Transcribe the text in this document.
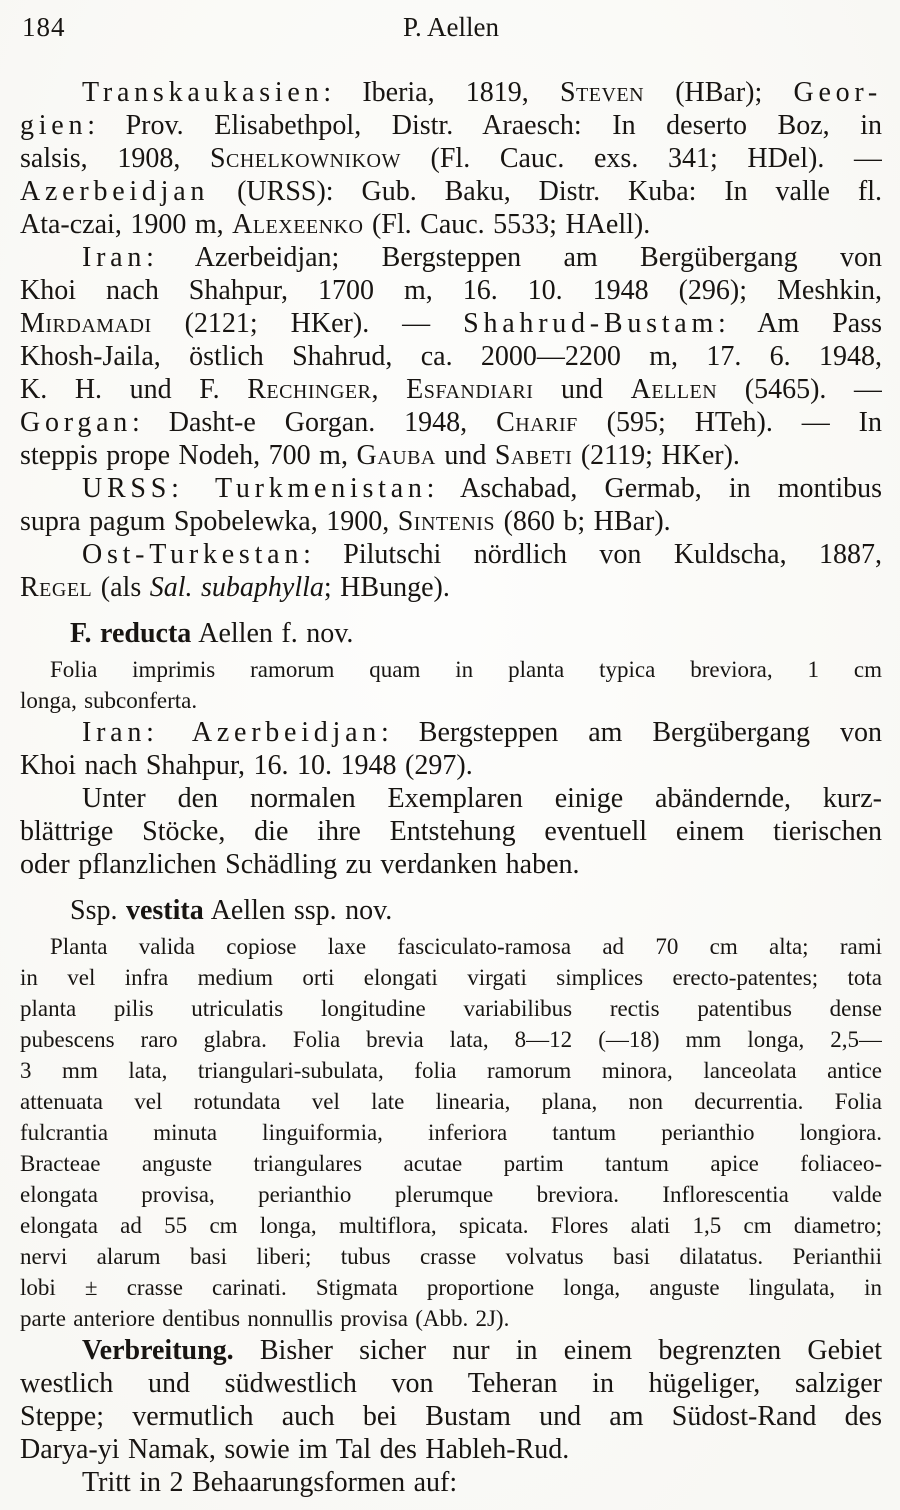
184	P. Aellen
Transkaukasien: Iberia, 1819, Steven (HBar); Geor-
gien: Prov. Elisabethpol, Distr. Araesch: In deserto Boz, in
salsis, 1908, Schelkownikow (Fl. Cauc. exs. 341; HDel). —
Azerbeidjan (URSS): Gub. Baku, Distr. Kuba: In valle fl.
Ata-czai, 1900 m, Alexeenko (Fl. Cauc. 5533; HAell).
Iran: Azerbeidjan; Bergsteppen am Bergübergang von
Khoi nach Shahpur, 1700 m, 16. 10. 1948 (296); Meshkin,
Mirdamadi (2121; HKer). — Shahrud-Bustam: Am Pass
Khosh-Jaila, östlich Shahrud, ca. 2000—2200 m, 17. 6. 1948,
K. H. und F. Rechinger, Esfandiari und Aellen (5465). —
Gorgan: Dasht-e Gorgan. 1948, Charif (595; HTeh). — In
steppis prope Nodeh, 700 m, Gauba und Sabeti (2119; HKer).
URSS: Turkmenistan: Aschabad, Germab, in montibus
supra pagum Spobelewka, 1900, Sintenis (860 b; HBar).
Ost-Turkestan: Pilutschi nördlich von Kuldscha, 1887,
Regel (als Sal. subaphylla; HBunge).
F. reducta Aellen f. nov.
Folia imprimis ramorum quam in planta typica breviora, 1 cm
longa, subconferta.
Iran: Azerbeidjan: Bergsteppen am Bergübergang von
Khoi nach Shahpur, 16. 10. 1948 (297).
Unter den normalen Exemplaren einige abändernde, kurz-
blättrige Stöcke, die ihre Entstehung eventuell einem tierischen
oder pflanzlichen Schädling zu verdanken haben.
Ssp. vestita Aellen ssp. nov.
Planta valida copiose laxe fasciculato-ramosa ad 70 cm alta; rami
in vel infra medium orti elongati virgati simplices erecto-patentes; tota
planta pilis utriculatis longitudine variabilibus rectis patentibus dense
pubescens raro glabra. Folia brevia lata, 8—12 (—18) mm longa, 2,5—
3 mm lata, triangulari-subulata, folia ramorum minora, lanceolata antice
attenuata vel rotundata vel late linearia, plana, non decurrentia. Folia
fulcrantia minuta linguiformia, inferiora tantum perianthio longiora.
Bracteae anguste triangulares acutae partim tantum apice foliaceo-
elongata provisa, perianthio plerumque breviora. Inflorescentia valde
elongata ad 55 cm longa, multiflora, spicata. Flores alati 1,5 cm diametro;
nervi alarum basi liberi; tubus crasse volvatus basi dilatatus. Perianthii
lobi ± crasse carinati. Stigmata proportione longa, anguste lingulata, in
parte anteriore dentibus nonnullis provisa (Abb. 2J).
Verbreitung. Bisher sicher nur in einem begrenzten Gebiet
westlich und südwestlich von Teheran in hügeliger, salziger
Steppe; vermutlich auch bei Bustam und am Südost-Rand des
Darya-yi Namak, sowie im Tal des Hableh-Rud.
Tritt in 2 Behaarungsformen auf:
